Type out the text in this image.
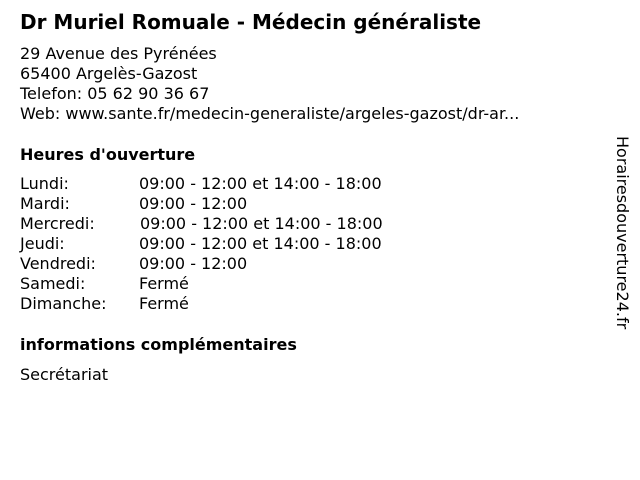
Dr Muriel Romuale - Médecin généraliste
29 Avenue des Pyrénées
65400 Argelès-Gazost
Telefon: 05 62 90 36 67
Web: www.sante.fr/medecin-generaliste/argeles-gazost/dr-ar...
Heures d'ouverture
Lundi:	09:00 - 12:00 et 14:00 - 18:00
Mardi:	09:00 - 12:00
Mercredi:	09:00 - 12:00 et 14:00 - 18:00
Jeudi:	09:00 - 12:00 et 14:00 - 18:00
Vendredi:	09:00 - 12:00
Samedi:	Fermé
Dimanche: Fermé
informations complémentaires
Secrétariat
Horairesdouverture24.fr
